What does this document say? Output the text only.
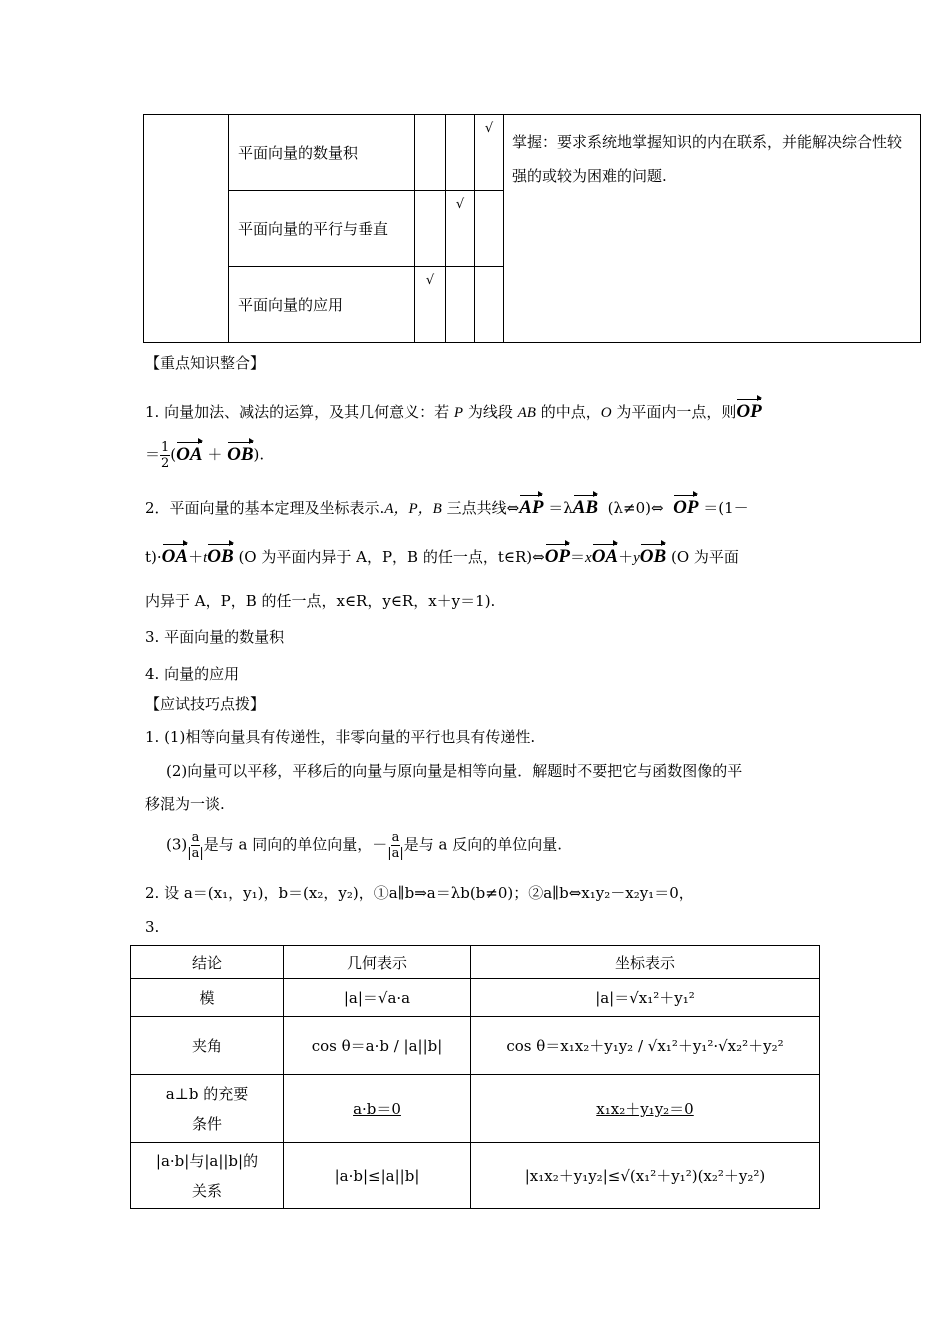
	平面向量的数量积			√	掌握：要求系统地掌握知识的内在联系，并能解决综合性较强的或较为困难的问题.
	平面向量的平行与垂直		√		
	平面向量的应用	√			
【重点知识整合】
1. 向量加法、减法的运算，及其几何意义：若 P 为线段 AB 的中点，O 为平面内一点，则OP
＝ $\frac{1}{2} (OA + OB)$.
2．平面向量的基本定理及坐标表示.A，P，B 三点共线⇔AP ＝λAB (λ≠0)⇔ OP ＝(1－
t)·OA＋tOB (O 为平面内异于 A，P，B 的任一点，t∈R)⇔OP＝xOA＋yOB (O 为平面
内异于 A，P，B 的任一点，x∈R，y∈R，x＋y＝1).
3. 平面向量的数量积
4. 向量的应用
【应试技巧点拨】
1. (1)相等向量具有传递性，非零向量的平行也具有传递性.
(2)向量可以平移，平移后的向量与原向量是相等向量．解题时不要把它与函数图像的平
移混为一谈.
$(3) \frac{a}{|a|}$ 是与 a 同向的单位向量，－ $\frac{a}{|a|}$ 是与 a 反向的单位向量.
2. 设 a＝(x₁，y₁)，b＝(x₂，y₂)，①a∥b⇒a＝λb(b≠0)；②a∥b⇔x₁y₂－x₂y₁＝0，
3.
结论	几何表示	坐标表示
模	|a|＝√a·a	|a|＝√x₁²＋y₁²
夹角	cos θ＝a·b / |a||b|	cos θ＝x₁x₂＋y₁y₂ / √x₁²＋y₁²·√x₂²＋y₂²

a⊥b 的充要
条件	a·b＝0	x₁x₂＋y₁y₂＝0

|a·b|与|a||b|的
关系	|a·b|≤|a||b|	|x₁x₂＋y₁y₂|≤√(x₁²＋y₁²)(x₂²＋y₂²)
